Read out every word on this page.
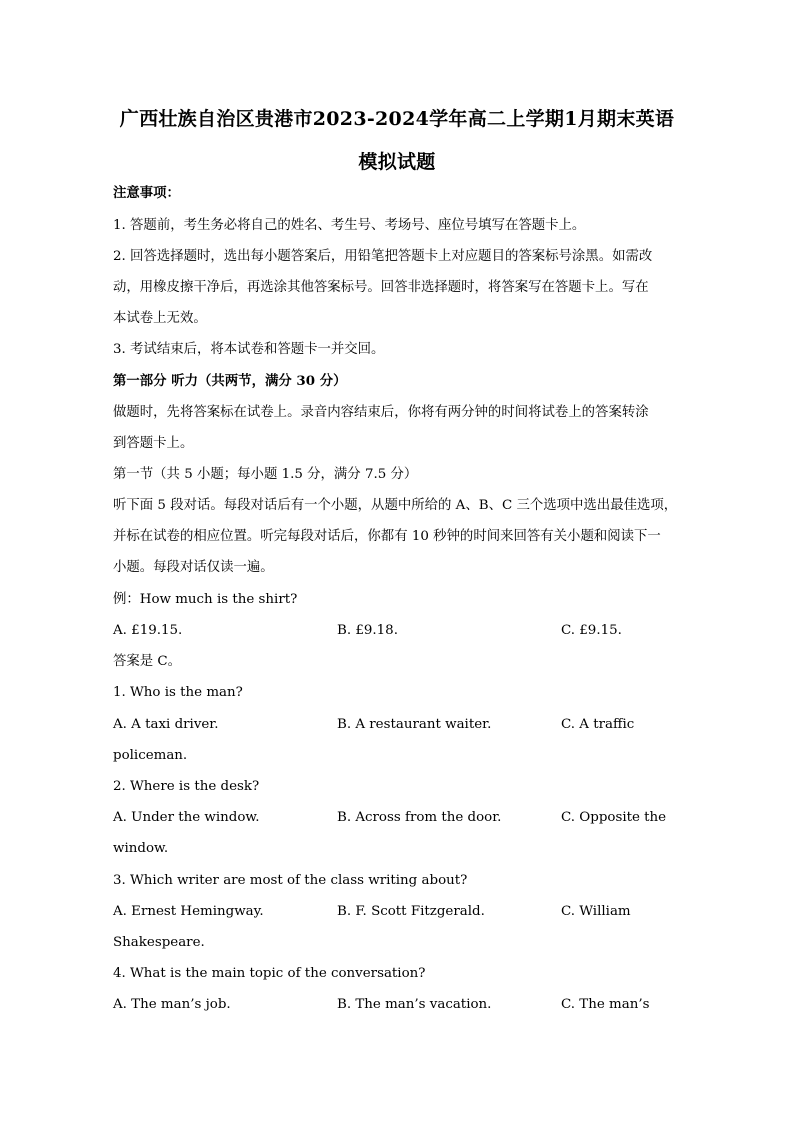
广西壮族自治区贵港市2023-2024学年高二上学期1月期末英语
模拟试题
注意事项：
1. 答题前，考生务必将自己的姓名、考生号、考场号、座位号填写在答题卡上。
2. 回答选择题时，选出每小题答案后，用铅笔把答题卡上对应题目的答案标号涂黑。如需改
动，用橡皮擦干净后，再选涂其他答案标号。回答非选择题时，将答案写在答题卡上。写在
本试卷上无效。
3. 考试结束后，将本试卷和答题卡一并交回。
第一部分 听力（共两节，满分 30 分）
做题时，先将答案标在试卷上。录音内容结束后，你将有两分钟的时间将试卷上的答案转涂
到答题卡上。
第一节（共 5 小题；每小题 1.5 分，满分 7.5 分）
听下面 5 段对话。每段对话后有一个小题，从题中所给的 A、B、C 三个选项中选出最佳选项，
并标在试卷的相应位置。听完每段对话后，你都有 10 秒钟的时间来回答有关小题和阅读下一
小题。每段对话仅读一遍。
例：How much is the shirt?
A. £19.15.	B. £9.18.	C. £9.15.
答案是 C。
1. Who is the man?
A. A taxi driver.	B. A restaurant waiter.	C. A traffic
policeman.
2. Where is the desk?
A. Under the window.	B. Across from the door.	C. Opposite the
window.
3. Which writer are most of the class writing about?
A. Ernest Hemingway.	B. F. Scott Fitzgerald.	C. William
Shakespeare.
4. What is the main topic of the conversation?
A. The man’s job.	B. The man’s vacation.	C. The man’s
